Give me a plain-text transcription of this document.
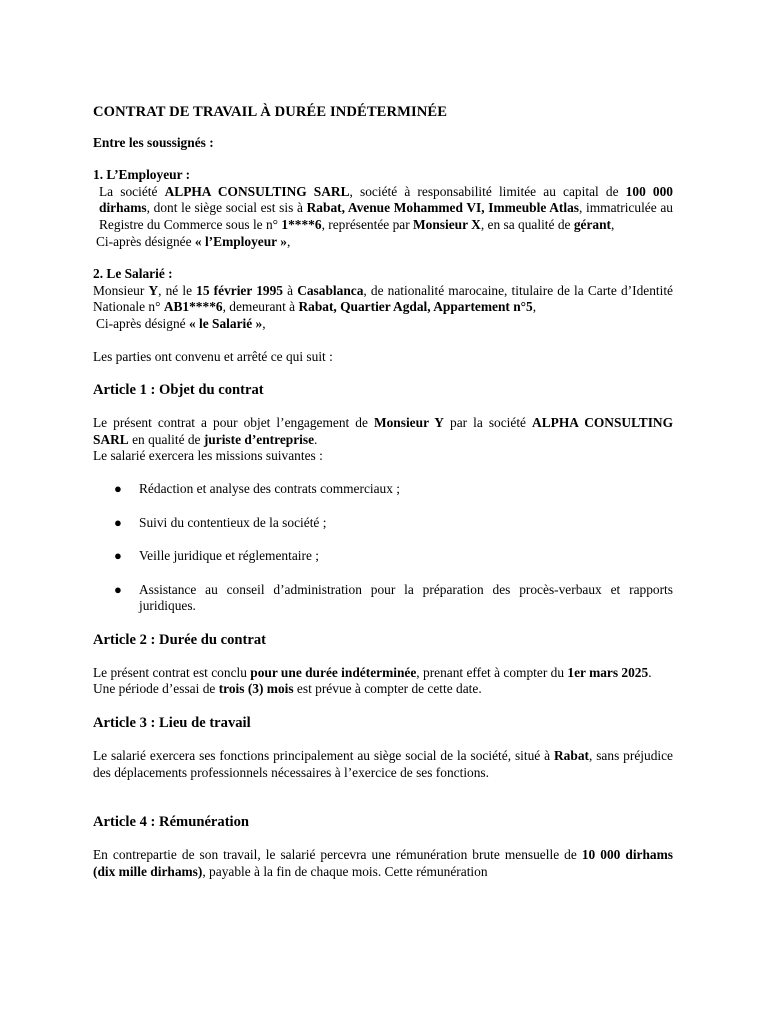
CONTRAT DE TRAVAIL À DURÉE INDÉTERMINÉE

Entre les soussignés :

1. L’Employeur :

La société ALPHA CONSULTING SARL, société à responsabilité limitée au capital de 100 000 dirhams, dont le siège social est sis à Rabat, Avenue Mohammed VI, Immeuble Atlas, immatriculée au Registre du Commerce sous le n° 1****6, représentée par Monsieur X, en sa qualité de gérant,

Ci-après désignée « l’Employeur »,

2. Le Salarié :

Monsieur Y, né le 15 février 1995 à Casablanca, de nationalité marocaine, titulaire de la Carte d’Identité Nationale n° AB1****6, demeurant à Rabat, Quartier Agdal, Appartement n°5,

Ci-après désigné « le Salarié »,

Les parties ont convenu et arrêté ce qui suit :

Article 1 : Objet du contrat

Le présent contrat a pour objet l’engagement de Monsieur Y par la société ALPHA CONSULTING SARL en qualité de juriste d’entreprise.

Le salarié exercera les missions suivantes :

● Rédaction et analyse des contrats commerciaux ;
● Suivi du contentieux de la société ;
● Veille juridique et réglementaire ;
● Assistance au conseil d’administration pour la préparation des procès-verbaux et rapports juridiques.

Article 2 : Durée du contrat

Le présent contrat est conclu pour une durée indéterminée, prenant effet à compter du 1er mars 2025.

Une période d’essai de trois (3) mois est prévue à compter de cette date.

Article 3 : Lieu de travail

Le salarié exercera ses fonctions principalement au siège social de la société, situé à Rabat, sans préjudice des déplacements professionnels nécessaires à l’exercice de ses fonctions.

Article 4 : Rémunération

En contrepartie de son travail, le salarié percevra une rémunération brute mensuelle de 10 000 dirhams (dix mille dirhams), payable à la fin de chaque mois. Cette rémunération
